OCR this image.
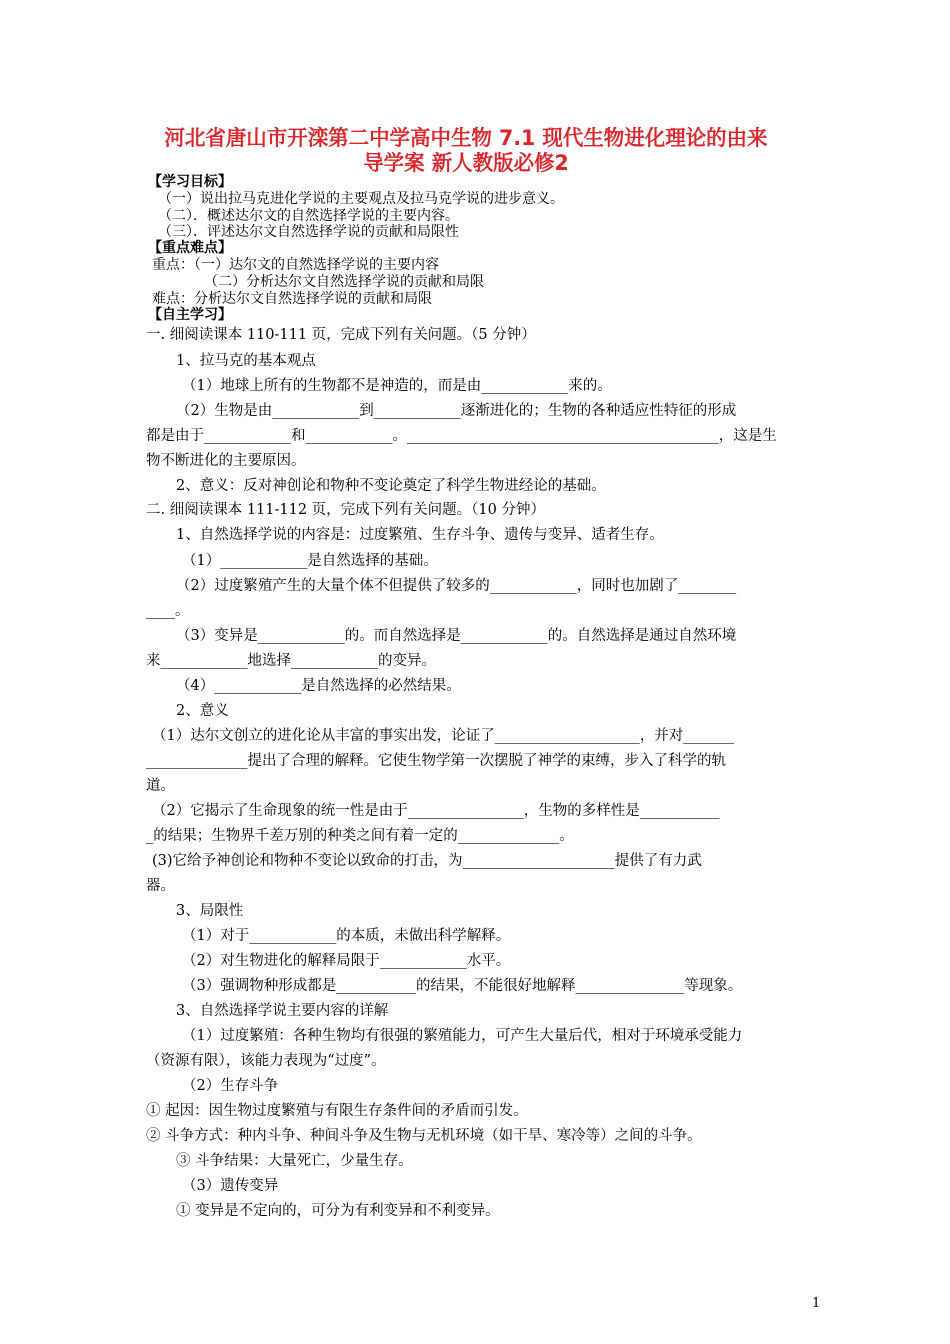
河北省唐山市开滦第二中学高中生物 7.1 现代生物进化理论的由来
导学案 新人教版必修2
【学习目标】
（一）说出拉马克进化学说的主要观点及拉马克学说的进步意义。
（二）．概述达尔文的自然选择学说的主要内容。
（三）．评述达尔文自然选择学说的贡献和局限性
【重点难点】
重点：（一）达尔文的自然选择学说的主要内容
（二）分析达尔文自然选择学说的贡献和局限
难点：分析达尔文自然选择学说的贡献和局限
【自主学习】
一. 细阅读课本 110-111 页，完成下列有关问题。（5 分钟）
1、拉马克的基本观点
（1）地球上所有的生物都不是神造的，而是由____________来的。
（2）生物是由____________到____________逐渐进化的；生物的各种适应性特征的形成
都是由于____________和____________。___________________________________________，这是生
物不断进化的主要原因。
2、意义：反对神创论和物种不变论奠定了科学生物进经论的基础。
二. 细阅读课本 111-112 页，完成下列有关问题。（10 分钟）
1、自然选择学说的内容是：过度繁殖、生存斗争、遗传与变异、适者生存。
（1）____________是自然选择的基础。
（2）过度繁殖产生的大量个体不但提供了较多的____________，同时也加剧了________
____。
（3）变异是____________的。而自然选择是____________的。自然选择是通过自然环境
来____________地选择____________的变异。
（4）____________是自然选择的必然结果。
2、意义
（1）达尔文创立的进化论从丰富的事实出发，论证了____________________，并对_______
______________提出了合理的解释。它使生物学第一次摆脱了神学的束缚，步入了科学的轨
道。
（2）它揭示了生命现象的统一性是由于________________，生物的多样性是___________
_的结果；生物界千差万别的种类之间有着一定的______________。
(3)它给予神创论和物种不变论以致命的打击，为_____________________提供了有力武
器。
3、局限性
（1）对于____________的本质，未做出科学解释。
（2）对生物进化的解释局限于____________水平。
（3）强调物种形成都是___________的结果，不能很好地解释_______________等现象。
3、自然选择学说主要内容的详解
（1）过度繁殖：各种生物均有很强的繁殖能力，可产生大量后代，相对于环境承受能力
（资源有限），该能力表现为“过度”。
（2）生存斗争
① 起因：因生物过度繁殖与有限生存条件间的矛盾而引发。
② 斗争方式：种内斗争、种间斗争及生物与无机环境（如干旱、寒冷等）之间的斗争。
③ 斗争结果：大量死亡，少量生存。
（3）遗传变异
① 变异是不定向的，可分为有利变异和不利变异。
1
